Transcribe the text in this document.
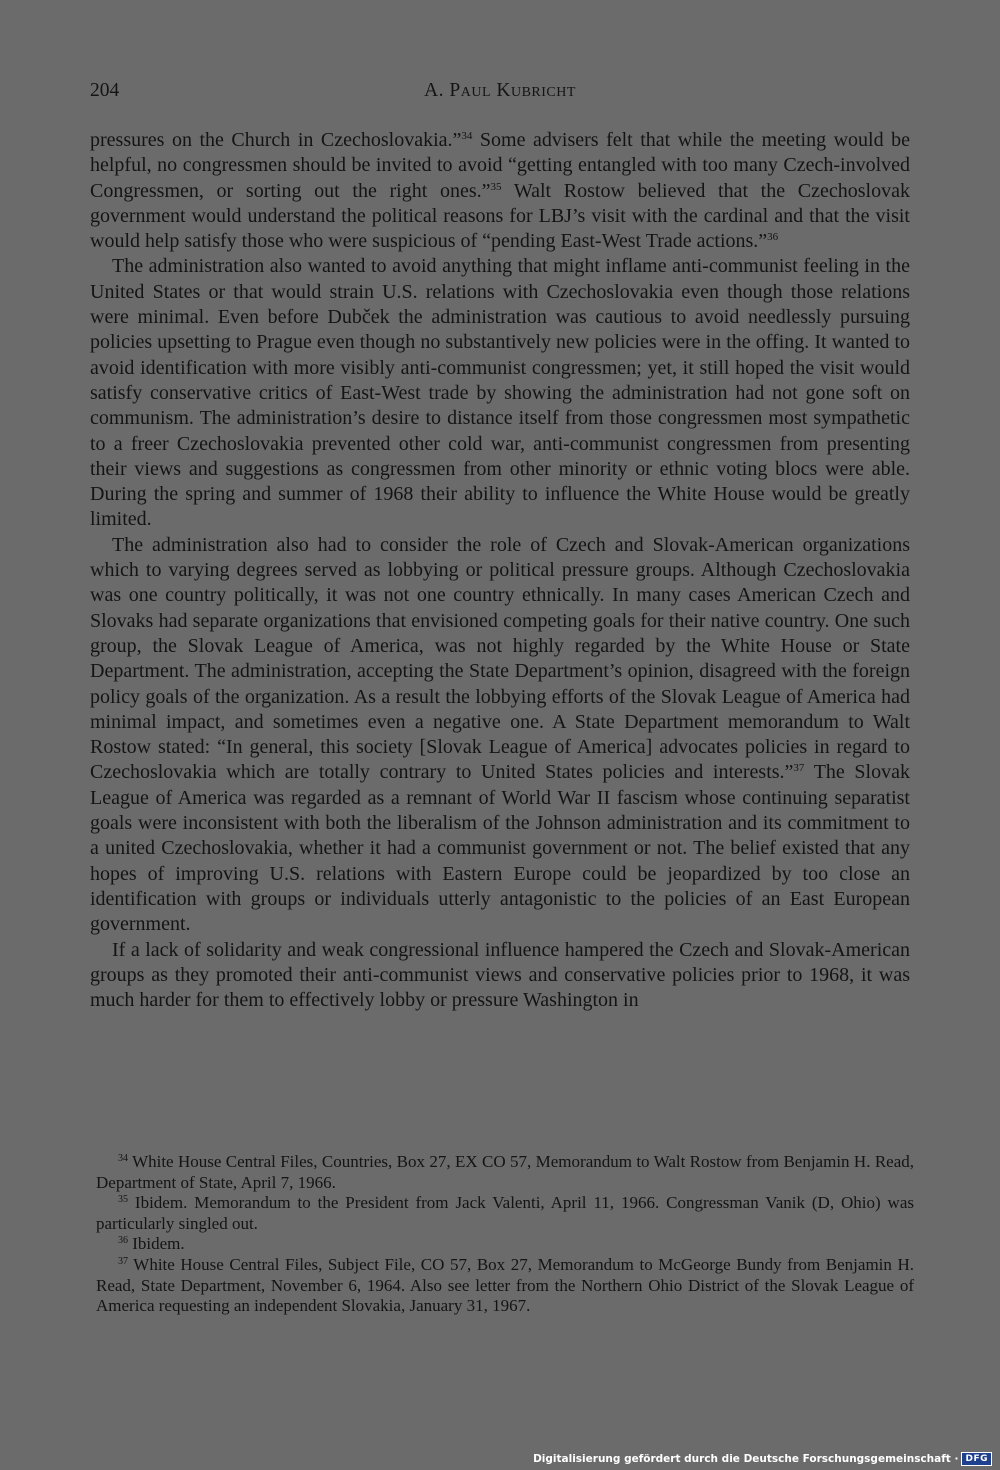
204	A. Paul Kubricht

pressures on the Church in Czechoslovakia.”$^{34}$ Some advisers felt that while the meeting would be helpful, no congressmen should be invited to avoid “getting entangled with too many Czech-involved Congressmen, or sorting out the right ones.”$^{35}$ Walt Rostow believed that the Czechoslovak government would understand the political reasons for LBJ’s visit with the cardinal and that the visit would help satisfy those who were suspicious of “pending East-West Trade actions.”$^{36}$

The administration also wanted to avoid anything that might inflame anti-communist feeling in the United States or that would strain U.S. relations with Czechoslovakia even though those relations were minimal. Even before Dubček the administration was cautious to avoid needlessly pursuing policies upsetting to Prague even though no substantively new policies were in the offing. It wanted to avoid identification with more visibly anti-communist congressmen; yet, it still hoped the visit would satisfy conservative critics of East-West trade by showing the administration had not gone soft on communism. The administration’s desire to distance itself from those congressmen most sympathetic to a freer Czechoslovakia prevented other cold war, anti-communist congressmen from presenting their views and suggestions as congressmen from other minority or ethnic voting blocs were able. During the spring and summer of 1968 their ability to influence the White House would be greatly limited.

The administration also had to consider the role of Czech and Slovak-American organizations which to varying degrees served as lobbying or political pressure groups. Although Czechoslovakia was one country politically, it was not one country ethnically. In many cases American Czech and Slovaks had separate organizations that envisioned competing goals for their native country. One such group, the Slovak League of America, was not highly regarded by the White House or State Department. The administration, accepting the State Department’s opinion, disagreed with the foreign policy goals of the organization. As a result the lobbying efforts of the Slovak League of America had minimal impact, and sometimes even a negative one. A State Department memorandum to Walt Rostow stated: “In general, this society [Slovak League of America] advocates policies in regard to Czechoslovakia which are totally contrary to United States policies and interests.”$^{37}$ The Slovak League of America was regarded as a remnant of World War II fascism whose continuing separatist goals were inconsistent with both the liberalism of the Johnson administration and its commitment to a united Czechoslovakia, whether it had a communist government or not. The belief existed that any hopes of improving U.S. relations with Eastern Europe could be jeopardized by too close an identification with groups or individuals utterly antagonistic to the policies of an East European government.

If a lack of solidarity and weak congressional influence hampered the Czech and Slovak-American groups as they promoted their anti-communist views and conservative policies prior to 1968, it was much harder for them to effectively lobby or pressure Washington in

$^{34}$ White House Central Files, Countries, Box 27, EX CO 57, Memorandum to Walt Rostow from Benjamin H. Read, Department of State, April 7, 1966.

$^{35}$ Ibidem. Memorandum to the President from Jack Valenti, April 11, 1966. Congressman Vanik (D, Ohio) was particularly singled out.

$^{36}$ Ibidem.

$^{37}$ White House Central Files, Subject File, CO 57, Box 27, Memorandum to McGeorge Bundy from Benjamin H. Read, State Department, November 6, 1964. Also see letter from the Northern Ohio District of the Slovak League of America requesting an independent Slovakia, January 31, 1967.

Digitalisierung gefördert durch die Deutsche Forschungsgemeinschaft · DFG
